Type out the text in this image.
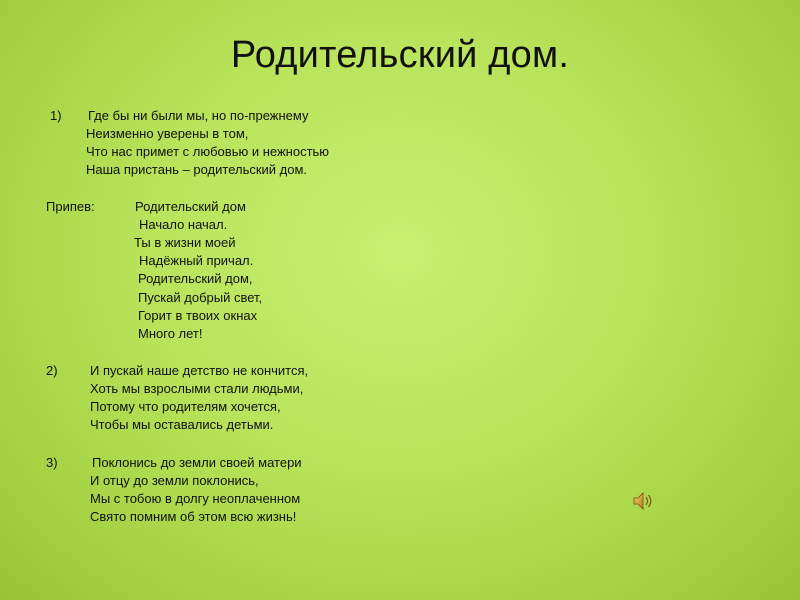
Родительский дом.
1) Где бы ни были мы, но по-прежнему
Неизменно уверены в том,
Что нас примет с любовью и нежностью
Наша пристань – родительский дом.
Припев:	Родительский дом
Начало начал.
Ты в жизни моей
Надёжный причал.
Родительский дом,
Пускай добрый свет,
Горит в твоих окнах
Много лет!
2) И пускай наше детство не кончится,
Хоть мы взрослыми стали людьми,
Потому что родителям хочется,
Чтобы мы оставались детьми.
3)	Поклонись до земли своей матери
И отцу до земли поклонись,
Мы с тобою в долгу неоплаченном
Свято помним об этом всю жизнь!
